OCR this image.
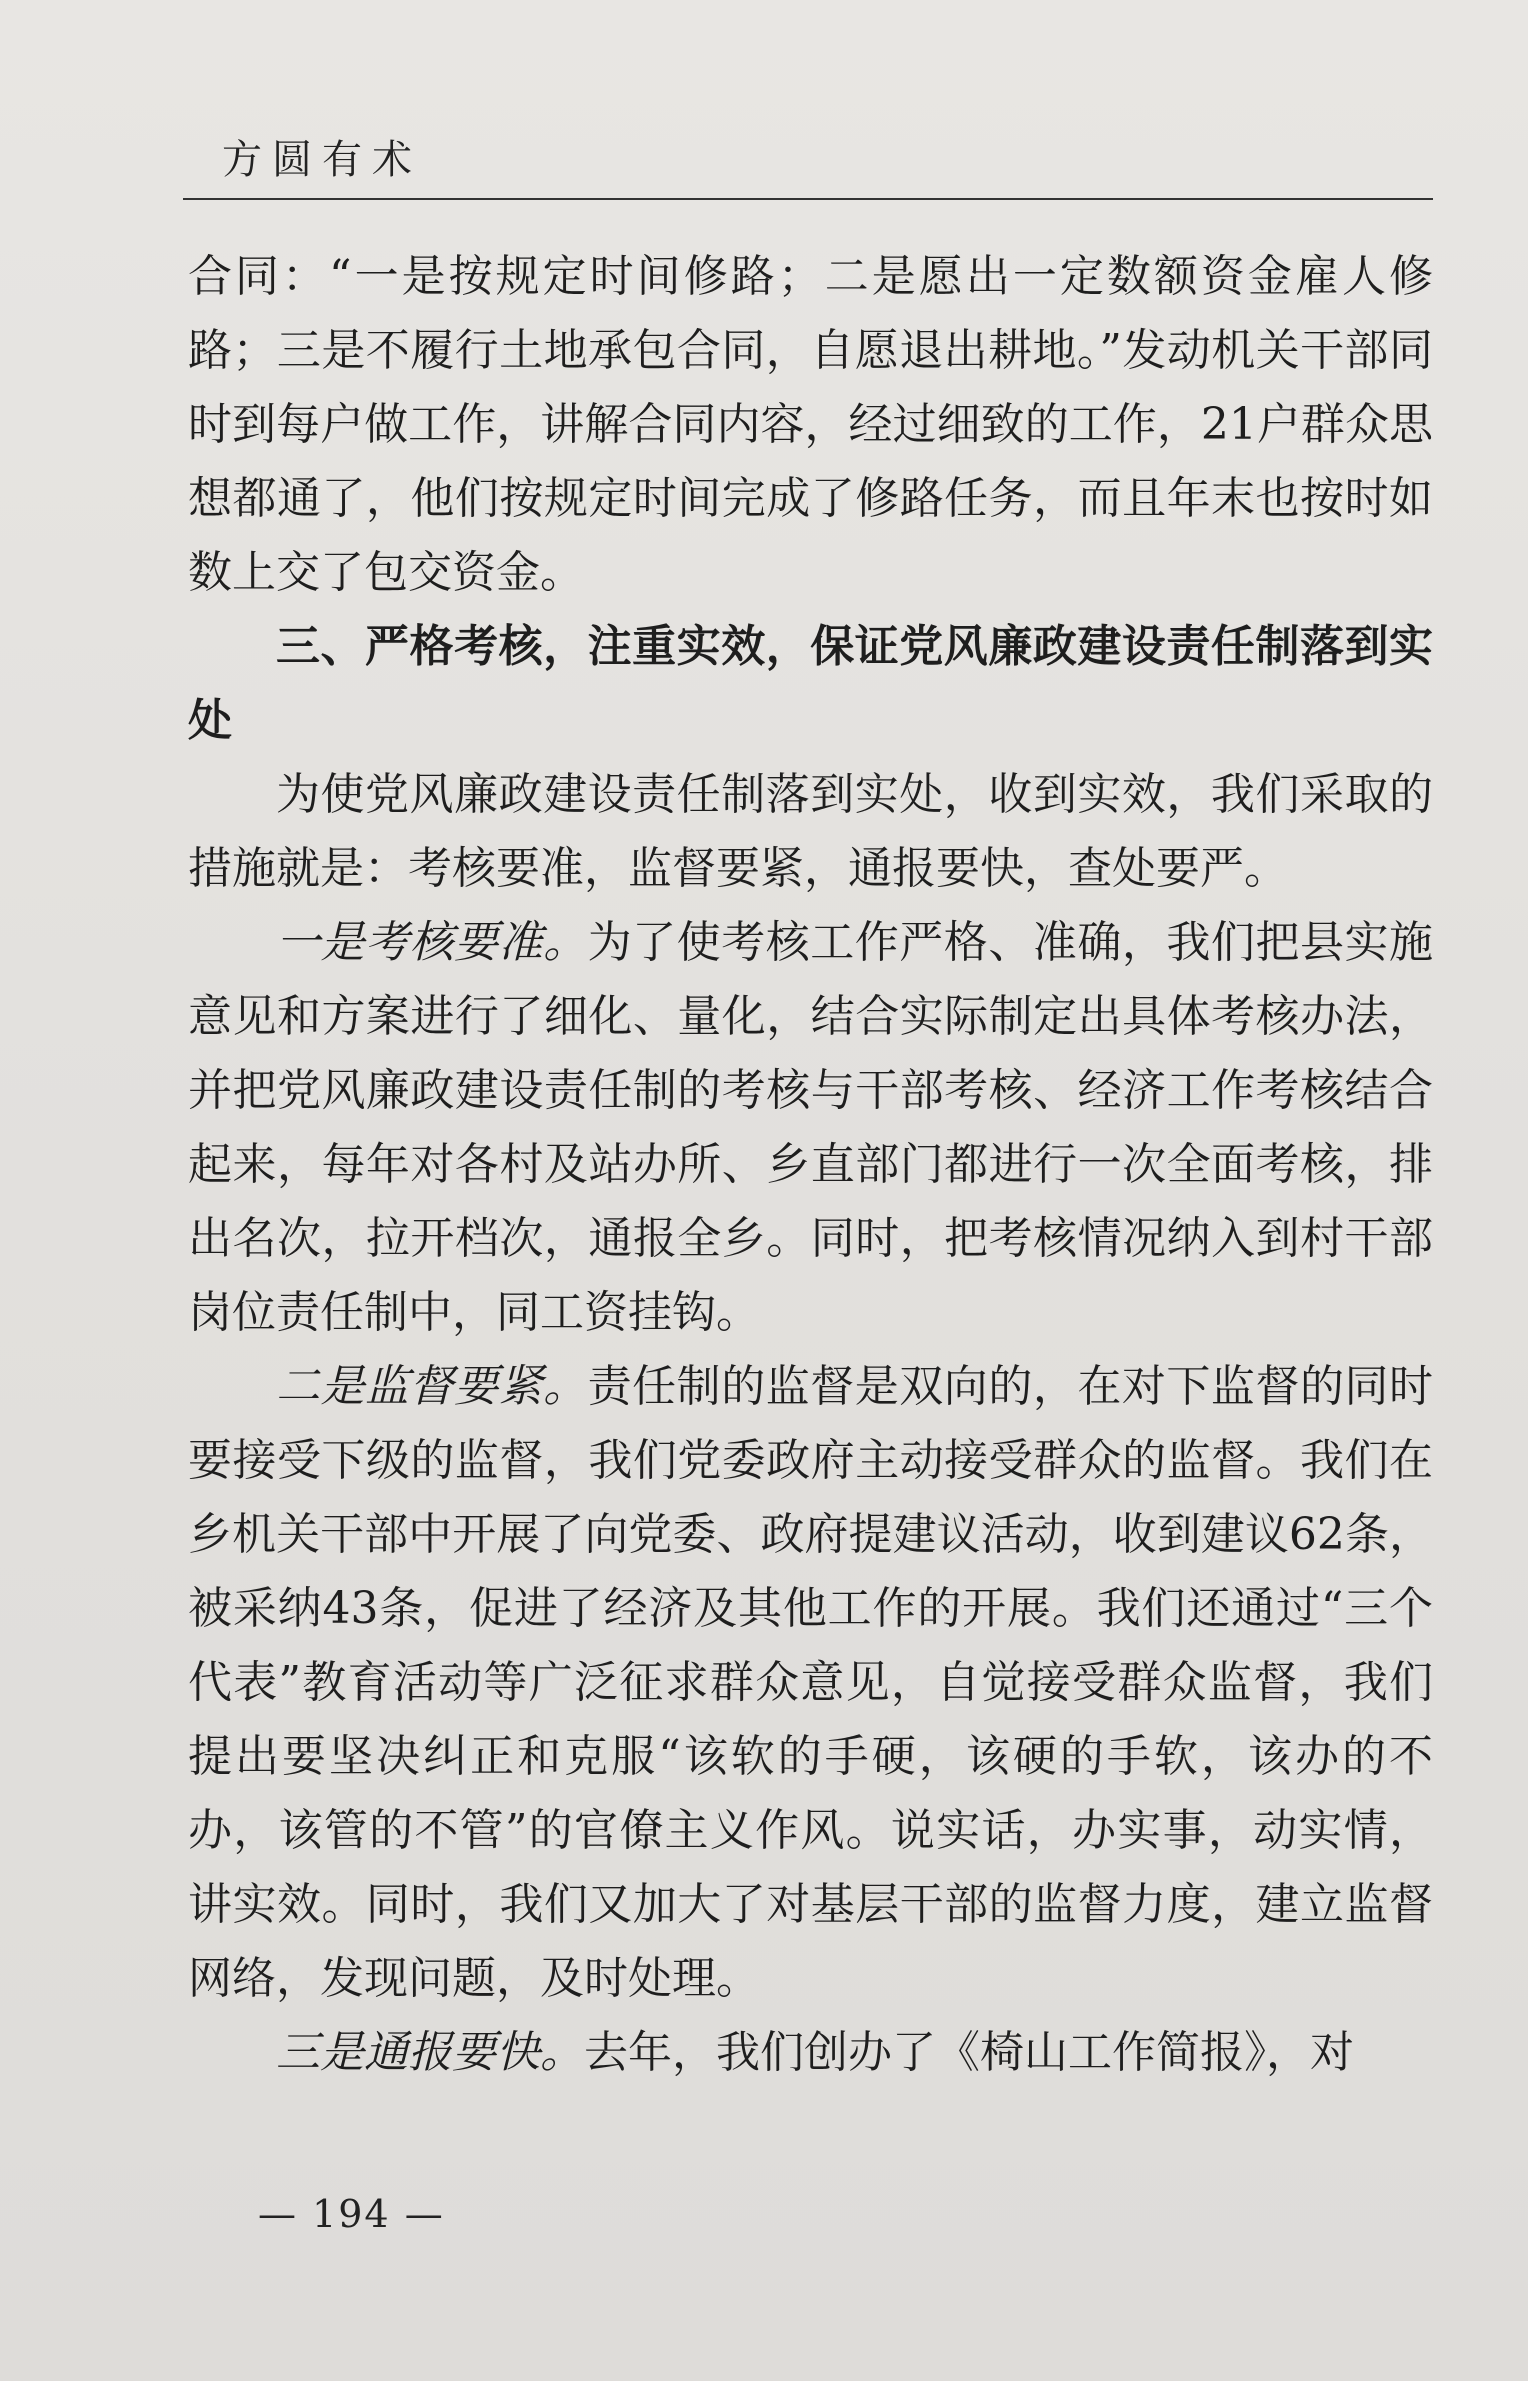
方圆有术

合同：“一是按规定时间修路；二是愿出一定数额资金雇人修路；三是不履行土地承包合同，自愿退出耕地。”发动机关干部同时到每户做工作，讲解合同内容，经过细致的工作，21户群众思想都通了，他们按规定时间完成了修路任务，而且年末也按时如数上交了包交资金。

三、严格考核，注重实效，保证党风廉政建设责任制落到实处

为使党风廉政建设责任制落到实处，收到实效，我们采取的措施就是：考核要准，监督要紧，通报要快，查处要严。

一是考核要准。为了使考核工作严格、准确，我们把县实施意见和方案进行了细化、量化，结合实际制定出具体考核办法，并把党风廉政建设责任制的考核与干部考核、经济工作考核结合起来，每年对各村及站办所、乡直部门都进行一次全面考核，排出名次，拉开档次，通报全乡。同时，把考核情况纳入到村干部岗位责任制中，同工资挂钩。

二是监督要紧。责任制的监督是双向的，在对下监督的同时要接受下级的监督，我们党委政府主动接受群众的监督。我们在乡机关干部中开展了向党委、政府提建议活动，收到建议62条，被采纳43条，促进了经济及其他工作的开展。我们还通过“三个代表”教育活动等广泛征求群众意见，自觉接受群众监督，我们提出要坚决纠正和克服“该软的手硬，该硬的手软，该办的不办，该管的不管”的官僚主义作风。说实话，办实事，动实情，讲实效。同时，我们又加大了对基层干部的监督力度，建立监督网络，发现问题，及时处理。

三是通报要快。去年，我们创办了《椅山工作简报》，对

— 194 —
